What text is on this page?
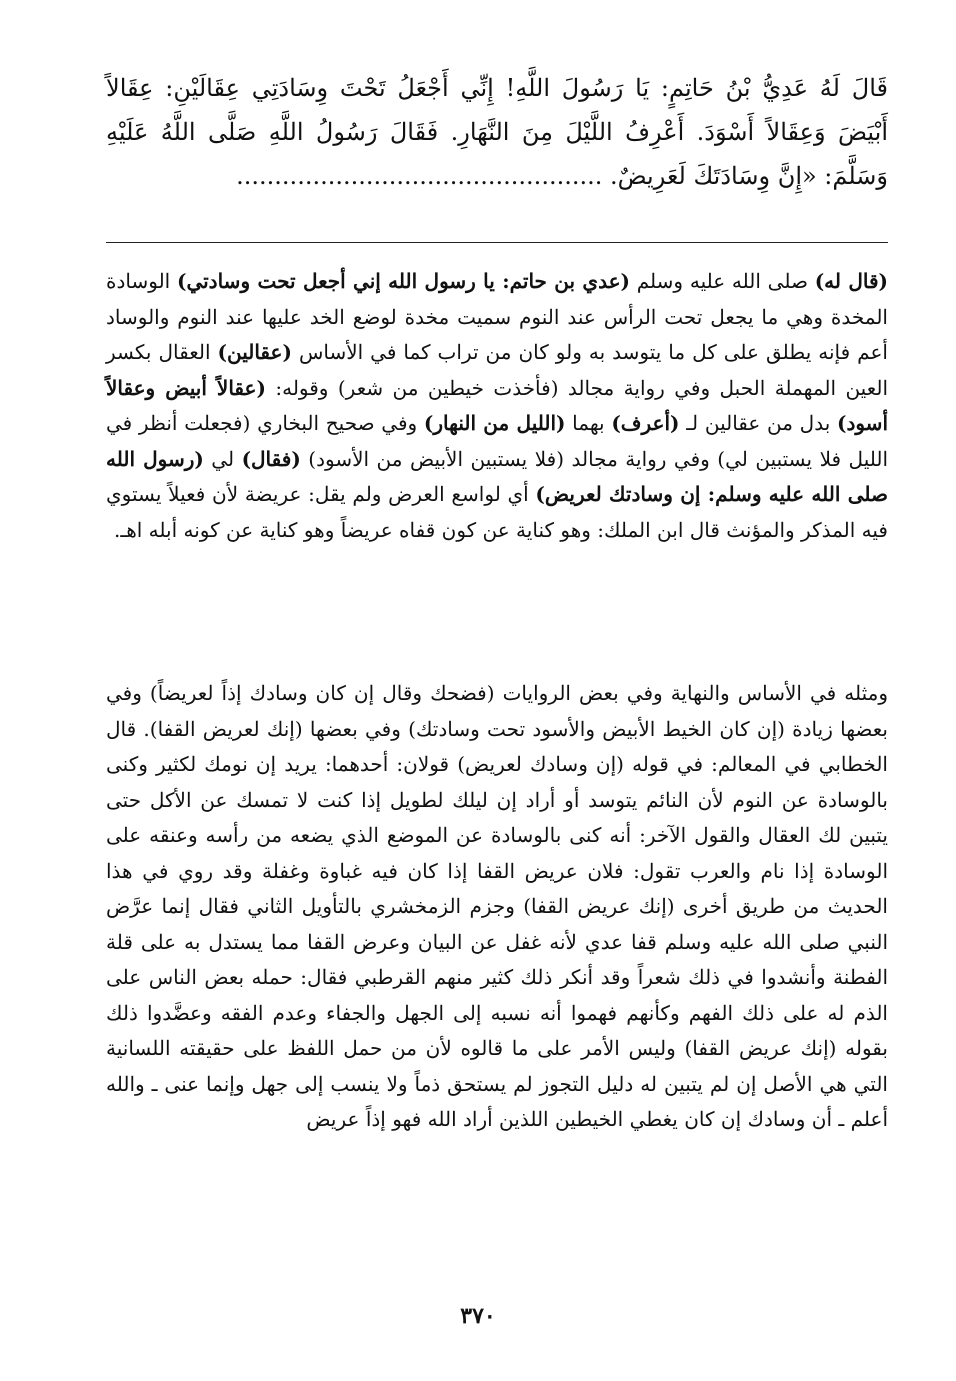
قَالَ لَهُ عَدِيُّ بْنُ حَاتِمٍ: يَا رَسُولَ اللَّهِ! إِنِّي أَجْعَلُ تَحْتَ وِسَادَتِي عِقَالَيْنِ: عِقَالاً أَبْيَضَ وَعِقَالاً أَسْوَدَ. أَعْرِفُ اللَّيْلَ مِنَ النَّهَارِ. فَقَالَ رَسُولُ اللَّهِ صَلَّى اللَّهُ عَلَيْهِ وَسَلَّمَ: «إِنَّ وِسَادَتَكَ لَعَرِيضٌ. ................................................
(قال له) صلى الله عليه وسلم (عدي بن حاتم: يا رسول الله إني أجعل تحت وسادتي) الوسادة المخدة وهي ما يجعل تحت الرأس عند النوم سميت مخدة لوضع الخد عليها عند النوم والوساد أعم فإنه يطلق على كل ما يتوسد به ولو كان من تراب كما في الأساس (عقالين) العقال بكسر العين المهملة الحبل وفي رواية مجالد (فأخذت خيطين من شعر) وقوله: (عقالاً أبيض وعقالاً أسود) بدل من عقالين لـ (أعرف) بهما (الليل من النهار) وفي صحيح البخاري (فجعلت أنظر في الليل فلا يستبين لي) وفي رواية مجالد (فلا يستبين الأبيض من الأسود) (فقال) لي (رسول الله صلى الله عليه وسلم: إن وسادتك لعريض) أي لواسع العرض ولم يقل: عريضة لأن فعيلاً يستوي فيه المذكر والمؤنث قال ابن الملك: وهو كناية عن كون قفاه عريضاً وهو كناية عن كونه أبله اهـ.
ومثله في الأساس والنهاية وفي بعض الروايات (فضحك وقال إن كان وسادك إذاً لعريضاً) وفي بعضها زيادة (إن كان الخيط الأبيض والأسود تحت وسادتك) وفي بعضها (إنك لعريض القفا). قال الخطابي في المعالم: في قوله (إن وسادك لعريض) قولان: أحدهما: يريد إن نومك لكثير وكنى بالوسادة عن النوم لأن النائم يتوسد أو أراد إن ليلك لطويل إذا كنت لا تمسك عن الأكل حتى يتبين لك العقال والقول الآخر: أنه كنى بالوسادة عن الموضع الذي يضعه من رأسه وعنقه على الوسادة إذا نام والعرب تقول: فلان عريض القفا إذا كان فيه غباوة وغفلة وقد روي في هذا الحديث من طريق أخرى (إنك عريض القفا) وجزم الزمخشري بالتأويل الثاني فقال إنما عرَّض النبي صلى الله عليه وسلم قفا عدي لأنه غفل عن البيان وعرض القفا مما يستدل به على قلة الفطنة وأنشدوا في ذلك شعراً وقد أنكر ذلك كثير منهم القرطبي فقال: حمله بعض الناس على الذم له على ذلك الفهم وكأنهم فهموا أنه نسبه إلى الجهل والجفاء وعدم الفقه وعضَّدوا ذلك بقوله (إنك عريض القفا) وليس الأمر على ما قالوه لأن من حمل اللفظ على حقيقته اللسانية التي هي الأصل إن لم يتبين له دليل التجوز لم يستحق ذماً ولا ينسب إلى جهل وإنما عنى ـ والله أعلم ـ أن وسادك إن كان يغطي الخيطين اللذين أراد الله فهو إذاً عريض
٣٧٠
